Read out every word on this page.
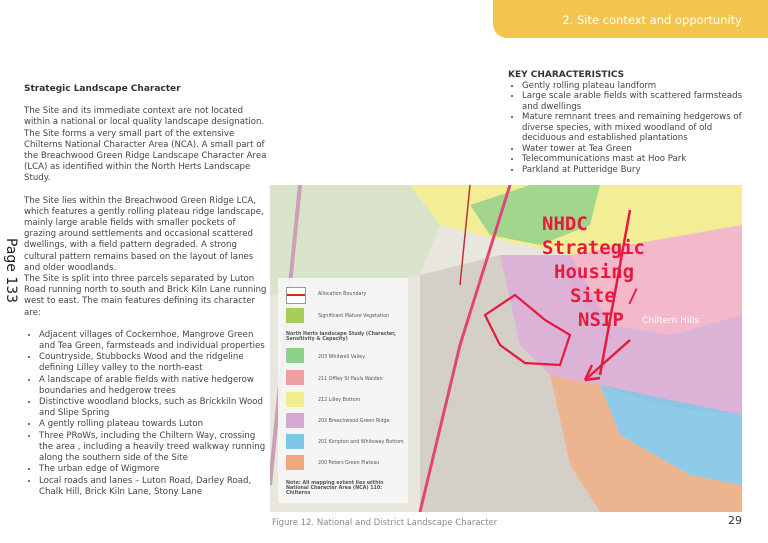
2. Site context and opportunity
Strategic Landscape Character

The Site and its immediate context are not located within a national or local quality landscape designation. The Site forms a very small part of the extensive Chilterns National Character Area (NCA). A small part of the Breachwood Green Ridge Landscape Character Area (LCA) as identified within the North Herts Landscape Study.

The Site lies within the Breachwood Green Ridge LCA, which features a gently rolling plateau ridge landscape, mainly large arable fields with smaller pockets of grazing around settlements and occasional scattered dwellings, with a field pattern degraded. A strong cultural pattern remains based on the layout of lanes and older woodlands.

The Site is split into three parcels separated by Luton Road running north to south and Brick Kiln Lane running west to east. The main features defining its character are:

• Adjacent villages of Cockernhoe, Mangrove Green and Tea Green, farmsteads and individual properties
• Countryside, Stubbocks Wood and the ridgeline defining Lilley valley to the north-east
• A landscape of arable fields with native hedgerow boundaries and hedgerow trees
• Distinctive woodland blocks, such as Brickkiln Wood and Slipe Spring
• A gently rolling plateau towards Luton
• Three PRoWs, including the Chiltern Way, crossing the area , including a heavily treed walkway running along the southern side of the Site
• The urban edge of Wigmore
• Local roads and lanes – Luton Road, Darley Road, Chalk Hill, Brick Kiln Lane, Stony Lane
Page 133
KEY CHARACTERISTICS
• Gently rolling plateau landform
• Large scale arable fields with scattered farmsteads and dwellings
• Mature remnant trees and remaining hedgerows of diverse species, with mixed woodland of old deciduous and established plantations
• Water tower at Tea Green
• Telecommunications mast at Hoo Park
• Parkland at Putteridge Bury
Chiltern Hills
NHDC
Strategic
Housing
Site /
NSIP
Allocation Boundary
Significant Mature Vegetation
North Herts landscape Study (Character, Sensitivity & Capacity)
203 Whitwell Valley
211 Offley St Pauls Walden
212 Lilley Bottom
202 Breachwood Green Ridge
201 Kimpton and Whiteway Bottom
200 Peters Green Plateau
Note: All mapping extent lies within National Character Area (NCA) 110: Chilterns
Figure 12. National and District Landscape Character	29
